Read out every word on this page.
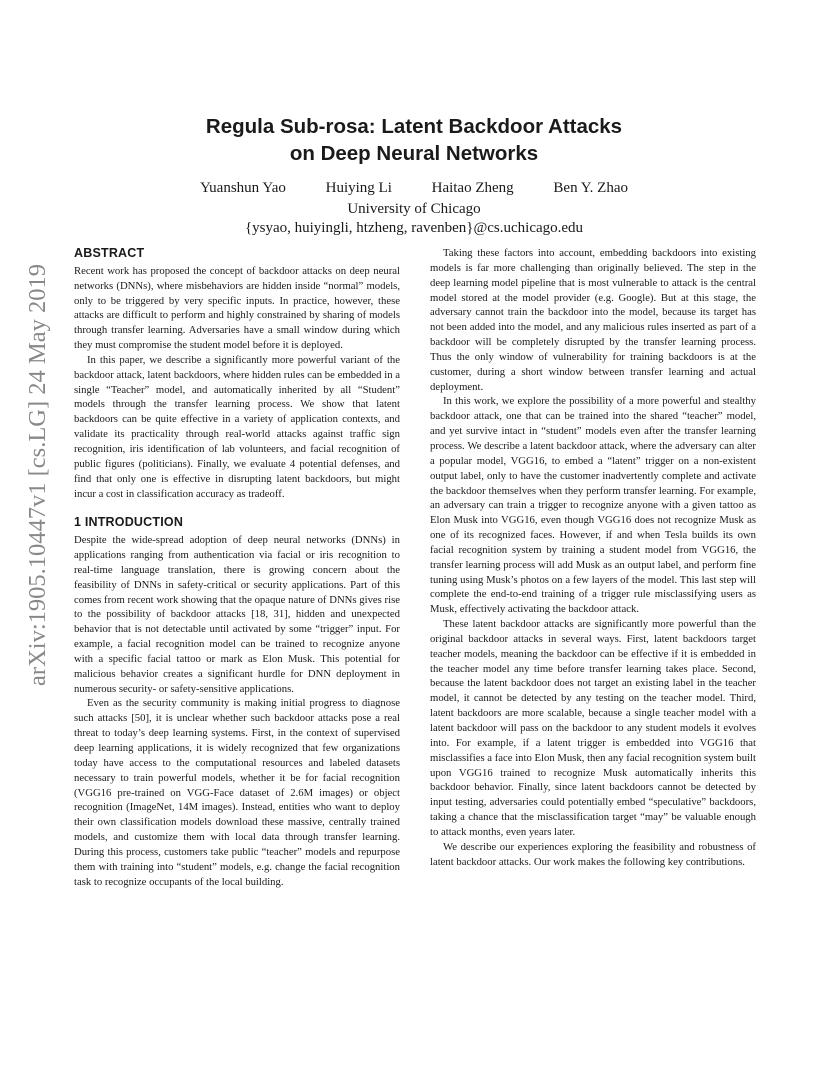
Regula Sub-rosa: Latent Backdoor Attacks
on Deep Neural Networks
Yuanshun Yao	Huiying Li	Haitao Zheng	Ben Y. Zhao
University of Chicago
{ysyao, huiyingli, htzheng, ravenben}@cs.uchicago.edu
arXiv:1905.10447v1 [cs.LG] 24 May 2019
ABSTRACT

Recent work has proposed the concept of backdoor attacks on deep neural networks (DNNs), where misbehaviors are hidden inside “normal” models, only to be triggered by very specific inputs. In practice, however, these attacks are difficult to perform and highly constrained by sharing of models through transfer learning. Adversaries have a small window during which they must compromise the student model before it is deployed.

In this paper, we describe a significantly more powerful variant of the backdoor attack, latent backdoors, where hidden rules can be embedded in a single “Teacher” model, and automatically inherited by all “Student” models through the transfer learning process. We show that latent backdoors can be quite effective in a variety of application contexts, and validate its practicality through real-world attacks against traffic sign recognition, iris identification of lab volunteers, and facial recognition of public figures (politicians). Finally, we evaluate 4 potential defenses, and find that only one is effective in disrupting latent backdoors, but might incur a cost in classification accuracy as tradeoff.

1 INTRODUCTION

Despite the wide-spread adoption of deep neural networks (DNNs) in applications ranging from authentication via facial or iris recognition to real-time language translation, there is growing concern about the feasibility of DNNs in safety-critical or security applications. Part of this comes from recent work showing that the opaque nature of DNNs gives rise to the possibility of backdoor attacks [18, 31], hidden and unexpected behavior that is not detectable until activated by some “trigger” input. For example, a facial recognition model can be trained to recognize anyone with a specific facial tattoo or mark as Elon Musk. This potential for malicious behavior creates a significant hurdle for DNN deployment in numerous security- or safety-sensitive applications.

Even as the security community is making initial progress to diagnose such attacks [50], it is unclear whether such backdoor attacks pose a real threat to today’s deep learning systems. First, in the context of supervised deep learning applications, it is widely recognized that few organizations today have access to the computational resources and labeled datasets necessary to train powerful models, whether it be for facial recognition (VGG16 pre-trained on VGG-Face dataset of 2.6M images) or object recognition (ImageNet, 14M images). Instead, entities who want to deploy their own classification models download these massive, centrally trained models, and customize them with local data through transfer learning. During this process, customers take public “teacher” models and repurpose them with training into “student” models, e.g. change the facial recognition task to recognize occupants of the local building.

Taking these factors into account, embedding backdoors into existing models is far more challenging than originally believed. The step in the deep learning model pipeline that is most vulnerable to attack is the central model stored at the model provider (e.g. Google). But at this stage, the adversary cannot train the backdoor into the model, because its target has not been added into the model, and any malicious rules inserted as part of a backdoor will be completely disrupted by the transfer learning process. Thus the only window of vulnerability for training backdoors is at the customer, during a short window between transfer learning and actual deployment.

In this work, we explore the possibility of a more powerful and stealthy backdoor attack, one that can be trained into the shared “teacher” model, and yet survive intact in “student” models even after the transfer learning process. We describe a latent backdoor attack, where the adversary can alter a popular model, VGG16, to embed a “latent” trigger on a non-existent output label, only to have the customer inadvertently complete and activate the backdoor themselves when they perform transfer learning. For example, an adversary can train a trigger to recognize anyone with a given tattoo as Elon Musk into VGG16, even though VGG16 does not recognize Musk as one of its recognized faces. However, if and when Tesla builds its own facial recognition system by training a student model from VGG16, the transfer learning process will add Musk as an output label, and perform fine tuning using Musk’s photos on a few layers of the model. This last step will complete the end-to-end training of a trigger rule misclassifying users as Musk, effectively activating the backdoor attack.

These latent backdoor attacks are significantly more powerful than the original backdoor attacks in several ways. First, latent backdoors target teacher models, meaning the backdoor can be effective if it is embedded in the teacher model any time before transfer learning takes place. Second, because the latent backdoor does not target an existing label in the teacher model, it cannot be detected by any testing on the teacher model. Third, latent backdoors are more scalable, because a single teacher model with a latent backdoor will pass on the backdoor to any student models it evolves into. For example, if a latent trigger is embedded into VGG16 that misclassifies a face into Elon Musk, then any facial recognition system built upon VGG16 trained to recognize Musk automatically inherits this backdoor behavior. Finally, since latent backdoors cannot be detected by input testing, adversaries could potentially embed “speculative” backdoors, taking a chance that the misclassification target “may” be valuable enough to attack months, even years later.

We describe our experiences exploring the feasibility and robustness of latent backdoor attacks. Our work makes the following key contributions.
